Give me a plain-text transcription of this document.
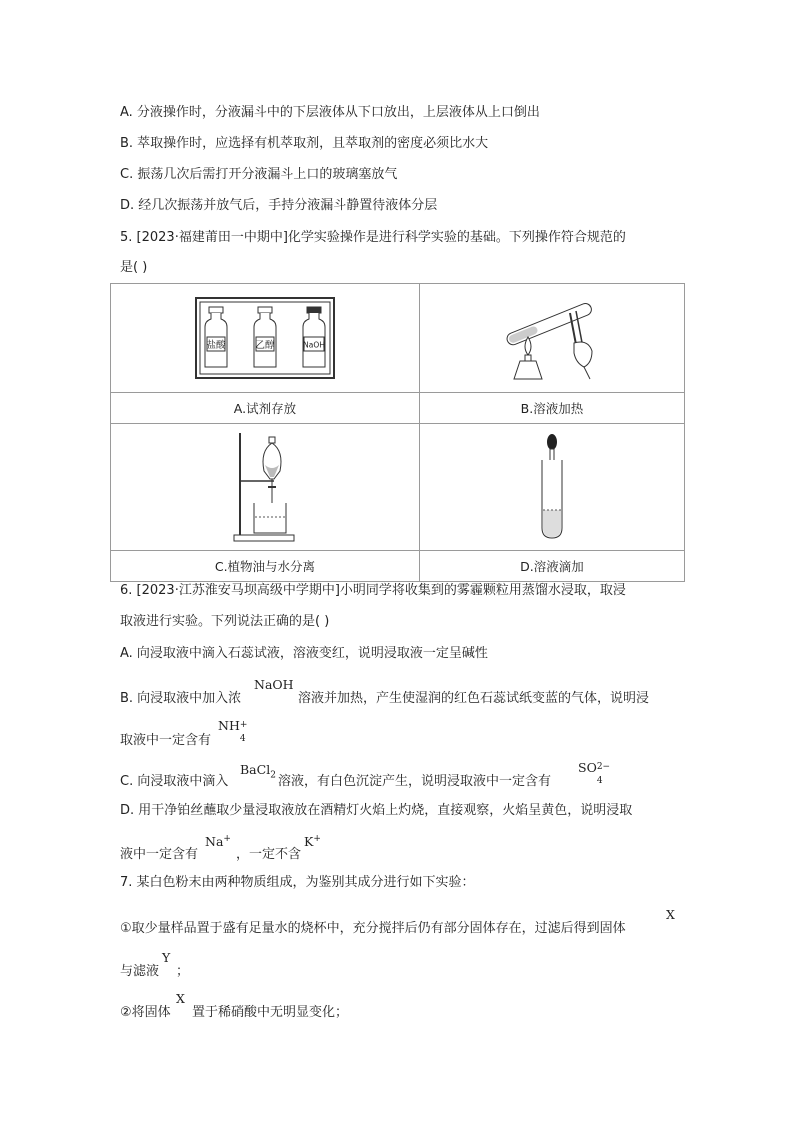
A. 分液操作时，分液漏斗中的下层液体从下口放出，上层液体从上口倒出
B. 萃取操作时，应选择有机萃取剂，且萃取剂的密度必须比水大
C. 振荡几次后需打开分液漏斗上口的玻璃塞放气
D. 经几次振荡并放气后，手持分液漏斗静置待液体分层
5. [2023·福建莆田一中期中]化学实验操作是进行科学实验的基础。下列操作符合规范的
是( )
盐酸 乙醇 NaOH

A.试剂存放	B.溶液加热

C.植物油与水分离	D.溶液滴加
6. [2023·江苏淮安马坝高级中学期中]小明同学将收集到的雾霾颗粒用蒸馏水浸取，取浸
取液进行实验。下列说法正确的是( )
A. 向浸取液中滴入石蕊试液，溶液变红，说明浸取液一定呈碱性
B. 向浸取液中加入浓
NaOH
溶液并加热，产生使湿润的红色石蕊试纸变蓝的气体，说明浸
取液中一定含有
NH +
4
C. 向浸取液中滴入
BaCl$_2$ 溶液，有白色沉淀产生，说明浸取液中一定含有
SO 2−
4
D. 用干净铂丝蘸取少量浸取液放在酒精灯火焰上灼烧，直接观察，火焰呈黄色，说明浸取
液中一定含有
Na+
，一定不含
K+
7. 某白色粉末由两种物质组成，为鉴别其成分进行如下实验：
①取少量样品置于盛有足量水的烧杯中，充分搅拌后仍有部分固体存在，过滤后得到固体
X
与滤液
Y
；
②将固体
X
置于稀硝酸中无明显变化；
